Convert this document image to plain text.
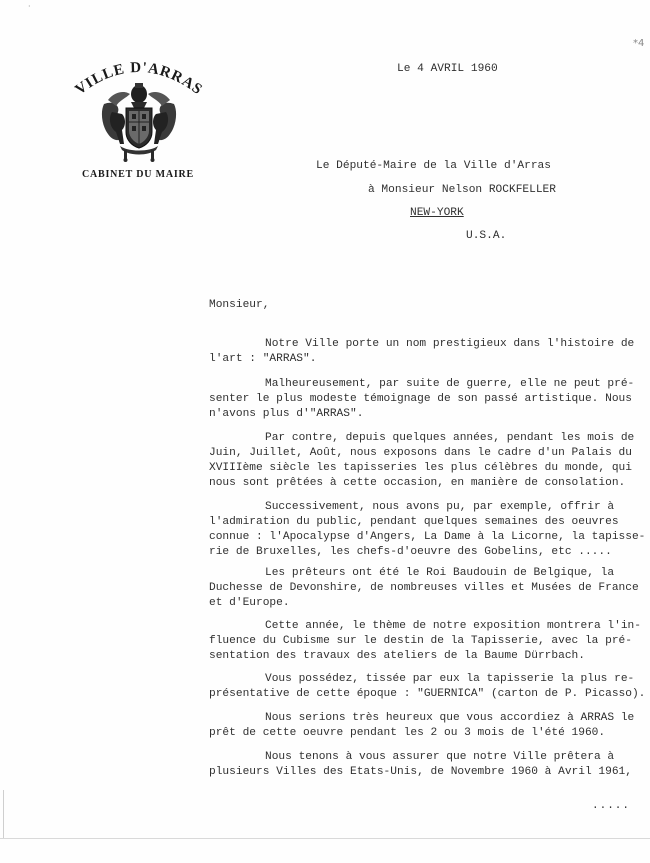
*4
·
VILLE D'ARRAS
CABINET DU MAIRE
Le 4 AVRIL 1960
Le Député-Maire de la Ville d'Arras
à Monsieur Nelson ROCKFELLER
NEW-YORK
U.S.A.
Monsieur,
Notre Ville porte un nom prestigieux dans l'histoire de
l'art : "ARRAS".
Malheureusement, par suite de guerre, elle ne peut pré-
senter le plus modeste témoignage de son passé artistique. Nous
n'avons plus d'"ARRAS".
Par contre, depuis quelques années, pendant les mois de
Juin, Juillet, Août, nous exposons dans le cadre d'un Palais du
XVIIIème siècle les tapisseries les plus célèbres du monde, qui
nous sont prêtées à cette occasion, en manière de consolation.
Successivement, nous avons pu, par exemple, offrir à
l'admiration du public, pendant quelques semaines des oeuvres
connue : l'Apocalypse d'Angers, La Dame à la Licorne, la tapisse-
rie de Bruxelles, les chefs-d'oeuvre des Gobelins, etc .....
Les prêteurs ont été le Roi Baudouin de Belgique, la
Duchesse de Devonshire, de nombreuses villes et Musées de France
et d'Europe.
Cette année, le thème de notre exposition montrera l'in-
fluence du Cubisme sur le destin de la Tapisserie, avec la pré-
sentation des travaux des ateliers de la Baume Dürrbach.
Vous possédez, tissée par eux la tapisserie la plus re-
présentative de cette époque : "GUERNICA" (carton de P. Picasso).
Nous serions très heureux que vous accordiez à ARRAS le
prêt de cette oeuvre pendant les 2 ou 3 mois de l'été 1960.
Nous tenons à vous assurer que notre Ville prêtera à
plusieurs Villes des Etats-Unis, de Novembre 1960 à Avril 1961,
.....
